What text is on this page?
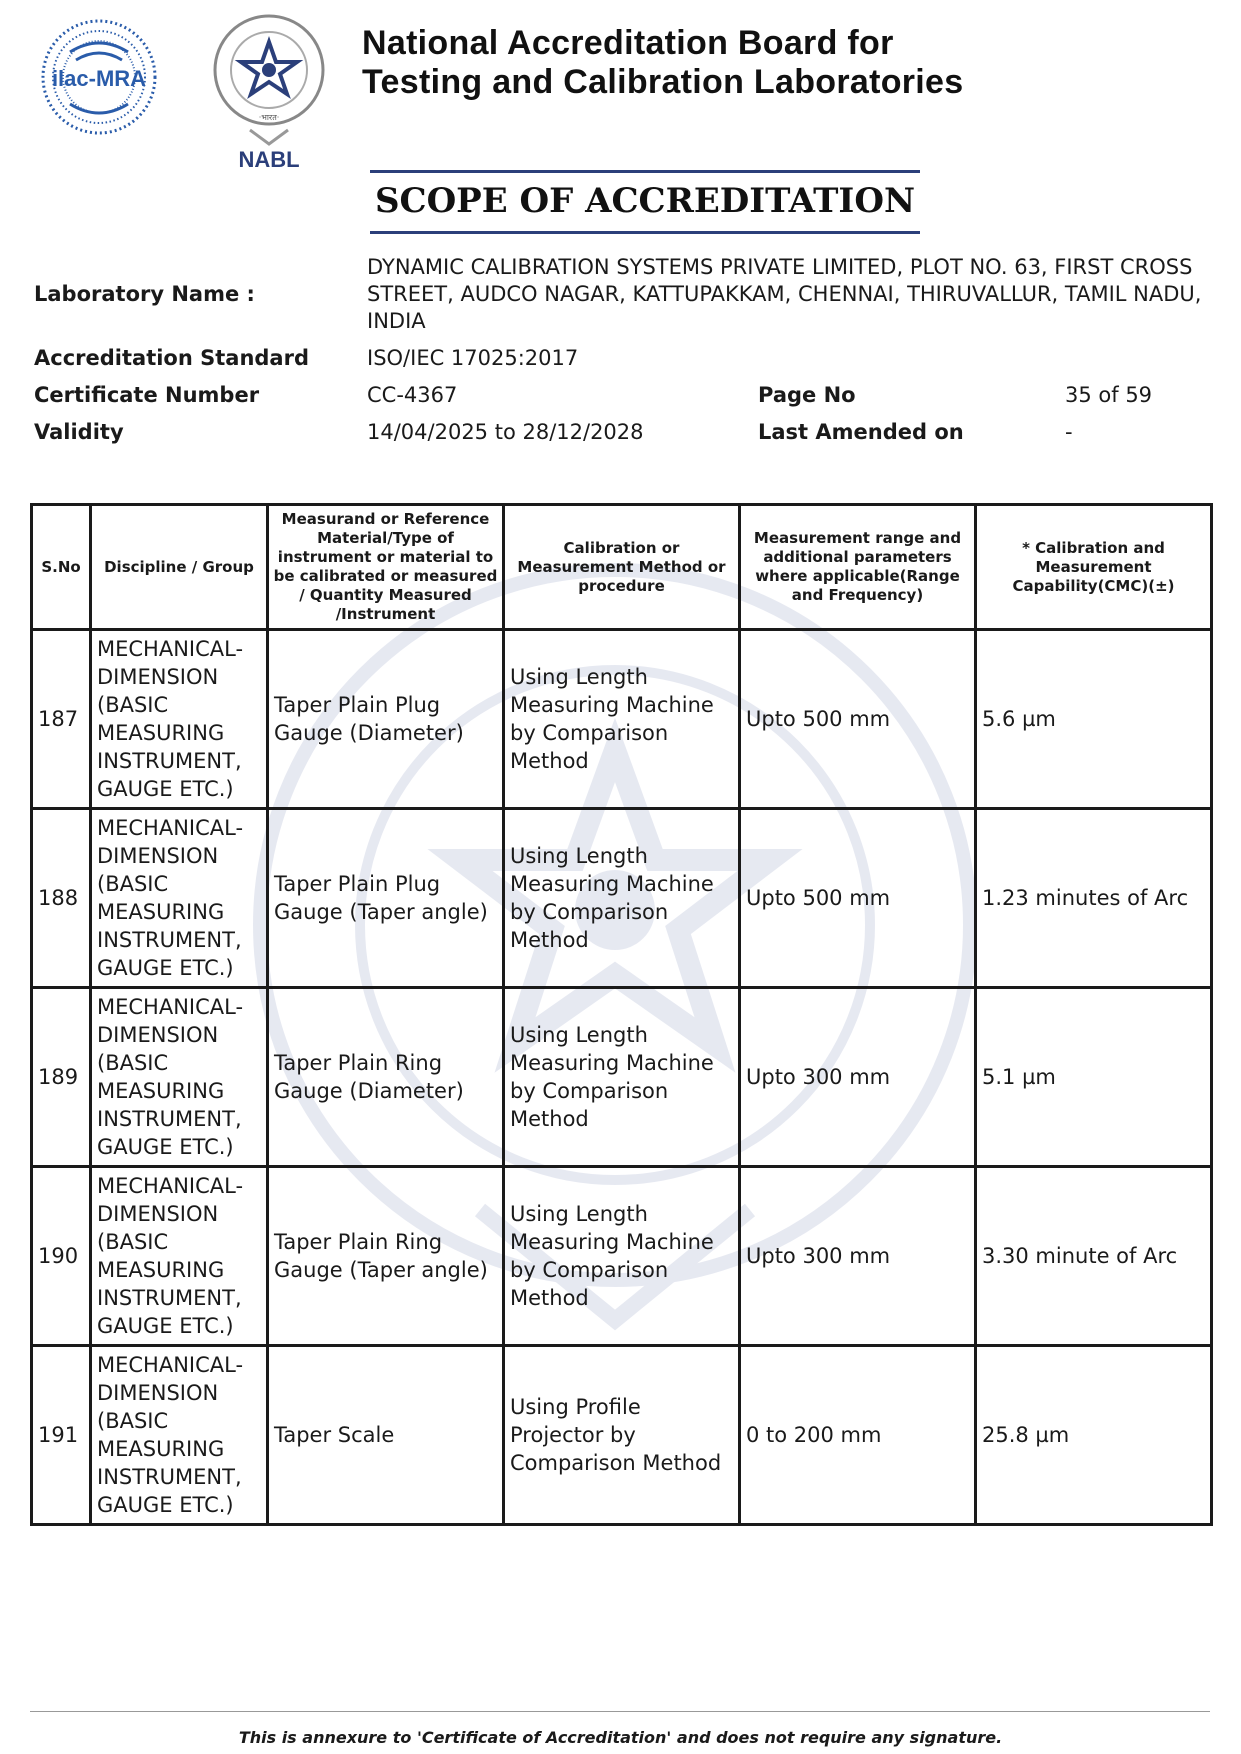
ilac-MRA
·भारत·
NABL
National Accreditation Board for
Testing and Calibration Laboratories
SCOPE OF ACCREDITATION
Laboratory Name :
DYNAMIC CALIBRATION SYSTEMS PRIVATE LIMITED, PLOT NO. 63, FIRST CROSS STREET, AUDCO NAGAR, KATTUPAKKAM, CHENNAI, THIRUVALLUR, TAMIL NADU, INDIA
Accreditation Standard	ISO/IEC 17025:2017
Certificate Number	CC-4367	Page No	35 of 59
Validity	14/04/2025 to 28/12/2028	Last Amended on	-
S.No	Discipline / Group	Measurand or Reference Material/Type of instrument or material to be calibrated or measured / Quantity Measured /Instrument	Calibration or Measurement Method or procedure	Measurement range and additional parameters where applicable(Range and Frequency)	* Calibration and Measurement Capability(CMC)(±)
187	MECHANICAL- DIMENSION (BASIC MEASURING INSTRUMENT, GAUGE ETC.)	Taper Plain Plug Gauge (Diameter)	Using Length Measuring Machine by Comparison Method	Upto 500 mm	5.6 µm
188	MECHANICAL- DIMENSION (BASIC MEASURING INSTRUMENT, GAUGE ETC.)	Taper Plain Plug Gauge (Taper angle)	Using Length Measuring Machine by Comparison Method	Upto 500 mm	1.23 minutes of Arc
189	MECHANICAL- DIMENSION (BASIC MEASURING INSTRUMENT, GAUGE ETC.)	Taper Plain Ring Gauge (Diameter)	Using Length Measuring Machine by Comparison Method	Upto 300 mm	5.1 µm
190	MECHANICAL- DIMENSION (BASIC MEASURING INSTRUMENT, GAUGE ETC.)	Taper Plain Ring Gauge (Taper angle)	Using Length Measuring Machine by Comparison Method	Upto 300 mm	3.30 minute of Arc
191	MECHANICAL- DIMENSION (BASIC MEASURING INSTRUMENT, GAUGE ETC.)	Taper Scale	Using Profile Projector by Comparison Method	0 to 200 mm	25.8 µm
This is annexure to 'Certificate of Accreditation' and does not require any signature.
